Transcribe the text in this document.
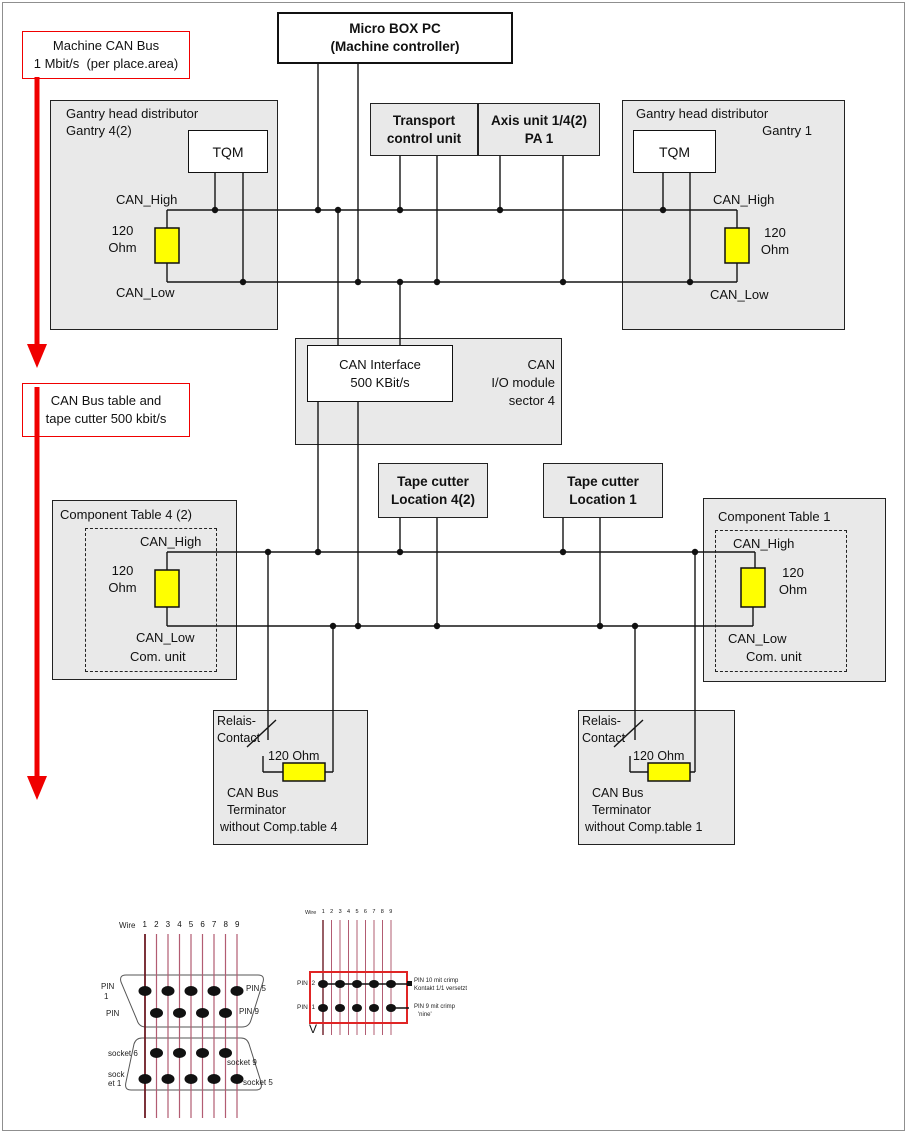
Machine CAN Bus
1 Mbit/s  (per place.area)
CAN Bus table and
tape cutter 500 kbit/s
Micro BOX PC
(Machine controller)
Transport
control unit
Axis unit 1/4(2)
PA 1
Gantry head distributor
Gantry 4(2)
TQM
CAN_High
120
Ohm
CAN_Low
Gantry head distributor
Gantry 1
TQM
CAN_High
120
Ohm
CAN_Low
CAN Interface
500 KBit/s
CAN
I/O module
sector 4
Tape cutter
Location 4(2)
Tape cutter
Location 1
Component Table 4 (2)
CAN_High
120
Ohm
CAN_Low
Com. unit
Component Table 1
CAN_High
120
Ohm
CAN_Low
Com. unit
Relais-
Contact
120 Ohm
CAN Bus
Terminator
without Comp.table 4
Relais-
Contact
120 Ohm
CAN Bus
Terminator
without Comp.table 1
Wire 1 2 3 4 5 6 7 8 9
PIN
1
PIN 5
PIN	PIN 9
socket 6
socket 9
sock
et 1	socket 5
Wire 1 2 3 4 5 6 7 8 9
PIN  2
PIN  1
PIN 10 mit crimp
Kontakt 1/1 versetzt
PIN 9 mit crimp
'nine'
V
